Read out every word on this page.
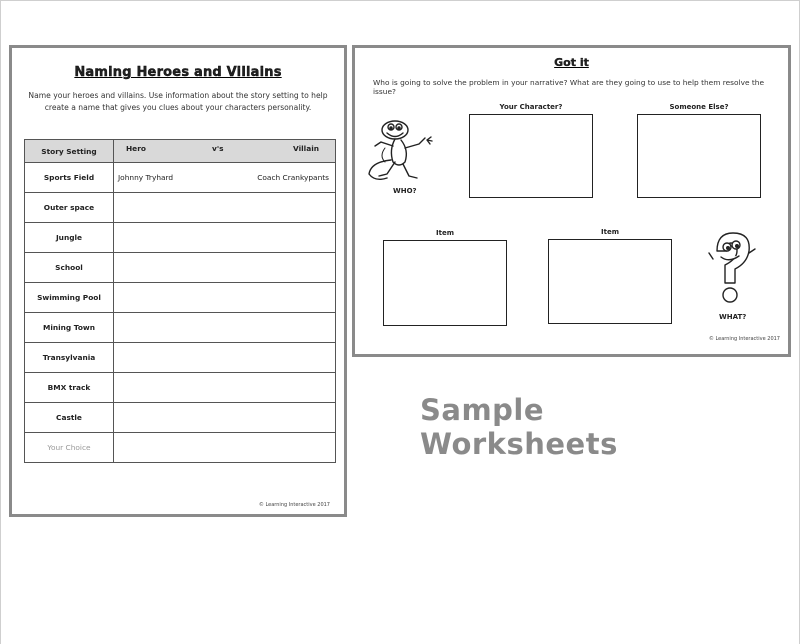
Naming Heroes and Villains
Name your heroes and villains. Use information about the story setting to help create a name that gives you clues about your characters personality.
Story Setting	Hero v's Villain

Sports Field	Johnny Tryhard Coach Crankypants

Outer space	
Jungle	
School	
Swimming Pool	
Mining Town	
Transylvania	
BMX track	
Castle	
Your Choice	
© Learning Interactive 2017
Got it
Who is going to solve the problem in your narrative? What are they going to use to help them resolve the issue?
WHO?
Your Character?	Someone Else?
Item	Item
WHAT?
© Learning Interactive 2017
Sample Worksheets
